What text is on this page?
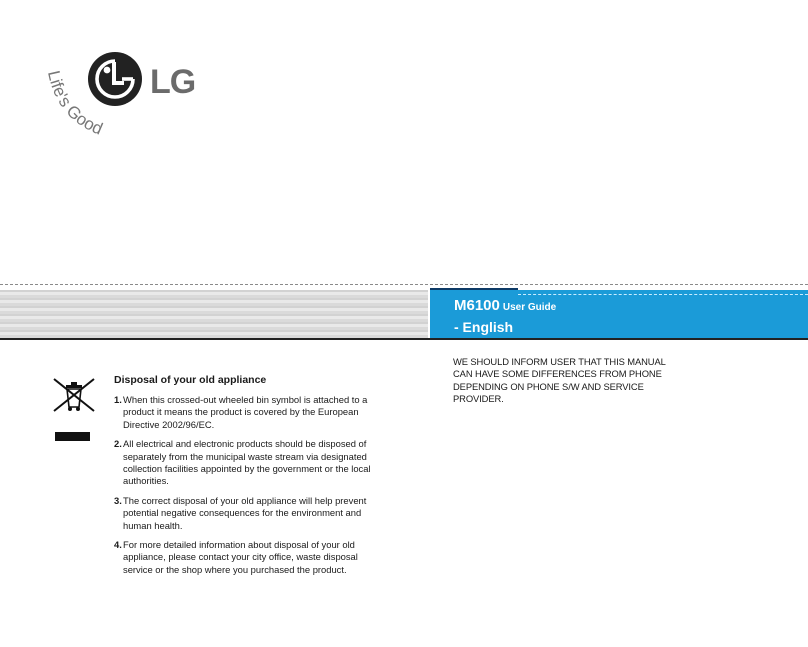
LG
Life's Good
M6100 User Guide
- English
Disposal of your old appliance
1. When this crossed-out wheeled bin symbol is attached to a product it means the product is covered by the European Directive 2002/96/EC.
2. All electrical and electronic products should be disposed of separately from the municipal waste stream via designated collection facilities appointed by the government or the local authorities.
3. The correct disposal of your old appliance will help prevent potential negative consequences for the environment and human health.
4. For more detailed information about disposal of your old appliance, please contact your city office, waste disposal service or the shop where you purchased the product.

WE SHOULD INFORM USER THAT THIS MANUAL CAN HAVE SOME DIFFERENCES FROM PHONE DEPENDING ON PHONE S/W AND SERVICE PROVIDER.
